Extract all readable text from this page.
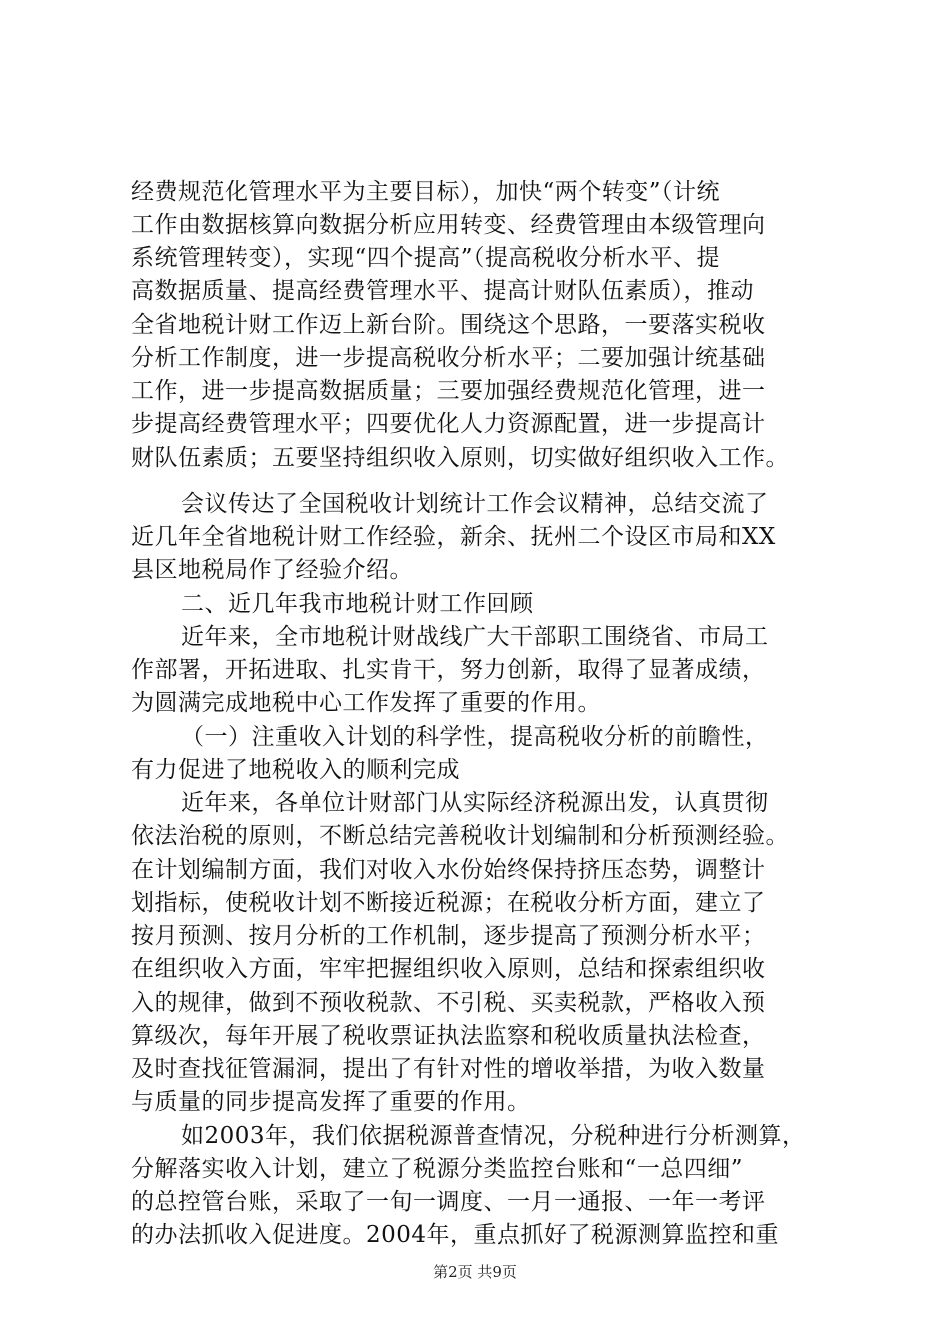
经费规范化管理水平为主要目标），加快“两个转变”（计统
工作由数据核算向数据分析应用转变、经费管理由本级管理向
系统管理转变），实现“四个提高”（提高税收分析水平、提
高数据质量、提高经费管理水平、提高计财队伍素质），推动
全省地税计财工作迈上新台阶。围绕这个思路，一要落实税收
分析工作制度，进一步提高税收分析水平；二要加强计统基础
工作，进一步提高数据质量；三要加强经费规范化管理，进一
步提高经费管理水平；四要优化人力资源配置，进一步提高计
财队伍素质；五要坚持组织收入原则，切实做好组织收入工作。
会议传达了全国税收计划统计工作会议精神，总结交流了
近几年全省地税计财工作经验，新余、抚州二个设区市局和XX
县区地税局作了经验介绍。
二、近几年我市地税计财工作回顾
近年来，全市地税计财战线广大干部职工围绕省、市局工
作部署，开拓进取、扎实肯干，努力创新，取得了显著成绩，
为圆满完成地税中心工作发挥了重要的作用。
（一）注重收入计划的科学性，提高税收分析的前瞻性，
有力促进了地税收入的顺利完成
近年来，各单位计财部门从实际经济税源出发，认真贯彻
依法治税的原则，不断总结完善税收计划编制和分析预测经验。
在计划编制方面，我们对收入水份始终保持挤压态势，调整计
划指标，使税收计划不断接近税源；在税收分析方面，建立了
按月预测、按月分析的工作机制，逐步提高了预测分析水平；
在组织收入方面，牢牢把握组织收入原则，总结和探索组织收
入的规律，做到不预收税款、不引税、买卖税款，严格收入预
算级次，每年开展了税收票证执法监察和税收质量执法检查，
及时查找征管漏洞，提出了有针对性的增收举措，为收入数量
与质量的同步提高发挥了重要的作用。
如2003年，我们依据税源普查情况，分税种进行分析测算，
分解落实收入计划，建立了税源分类监控台账和“一总四细”
的总控管台账，采取了一旬一调度、一月一通报、一年一考评
的办法抓收入促进度。2004年，重点抓好了税源测算监控和重
第2页 共9页
